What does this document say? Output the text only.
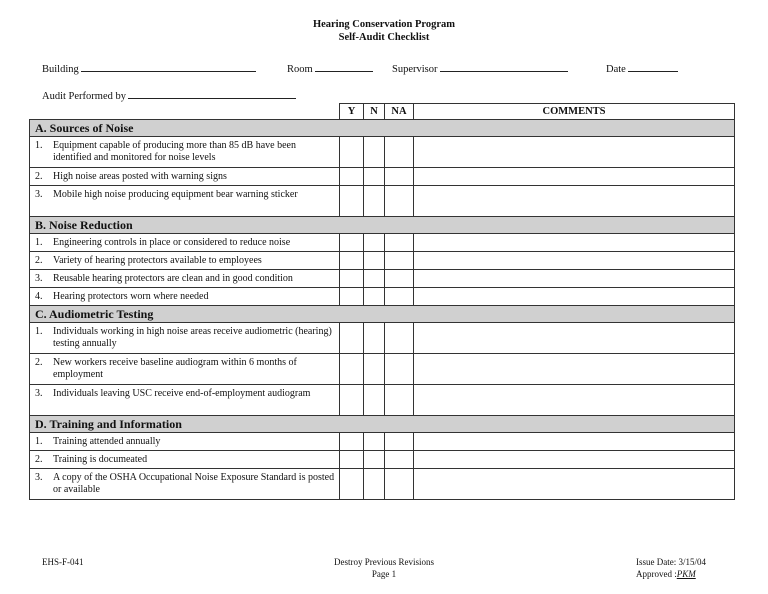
Hearing Conservation Program
Self-Audit Checklist
Building	Room	Supervisor	Date
Audit Performed by
	Y	N	NA	COMMENTS
A. Sources of Noise				

1. Equipment capable of producing more than 85 dB have been identified and monitored for noise levels				

2. High noise areas posted with warning signs				

3. Mobile high noise producing equipment bear warning sticker				
B. Noise Reduction				

1. Engineering controls in place or considered to reduce noise				

2. Variety of hearing protectors available to employees				

3. Reusable hearing protectors are clean and in good condition				

4. Hearing protectors worn where needed				
C. Audiometric Testing				

1. Individuals working in high noise areas receive audiometric (hearing) testing annually				

2. New workers receive baseline audiogram within 6 months of employment				

3. Individuals leaving USC receive end-of-employment audiogram				
D. Training and Information				

1. Training attended annually				

2. Training is documeated				

3. A copy of the OSHA Occupational Noise Exposure Standard is posted or available				
EHS-F-041	Destroy Previous Revisions
Page 1
Issue Date: 3/15/04
Approved :PKM
